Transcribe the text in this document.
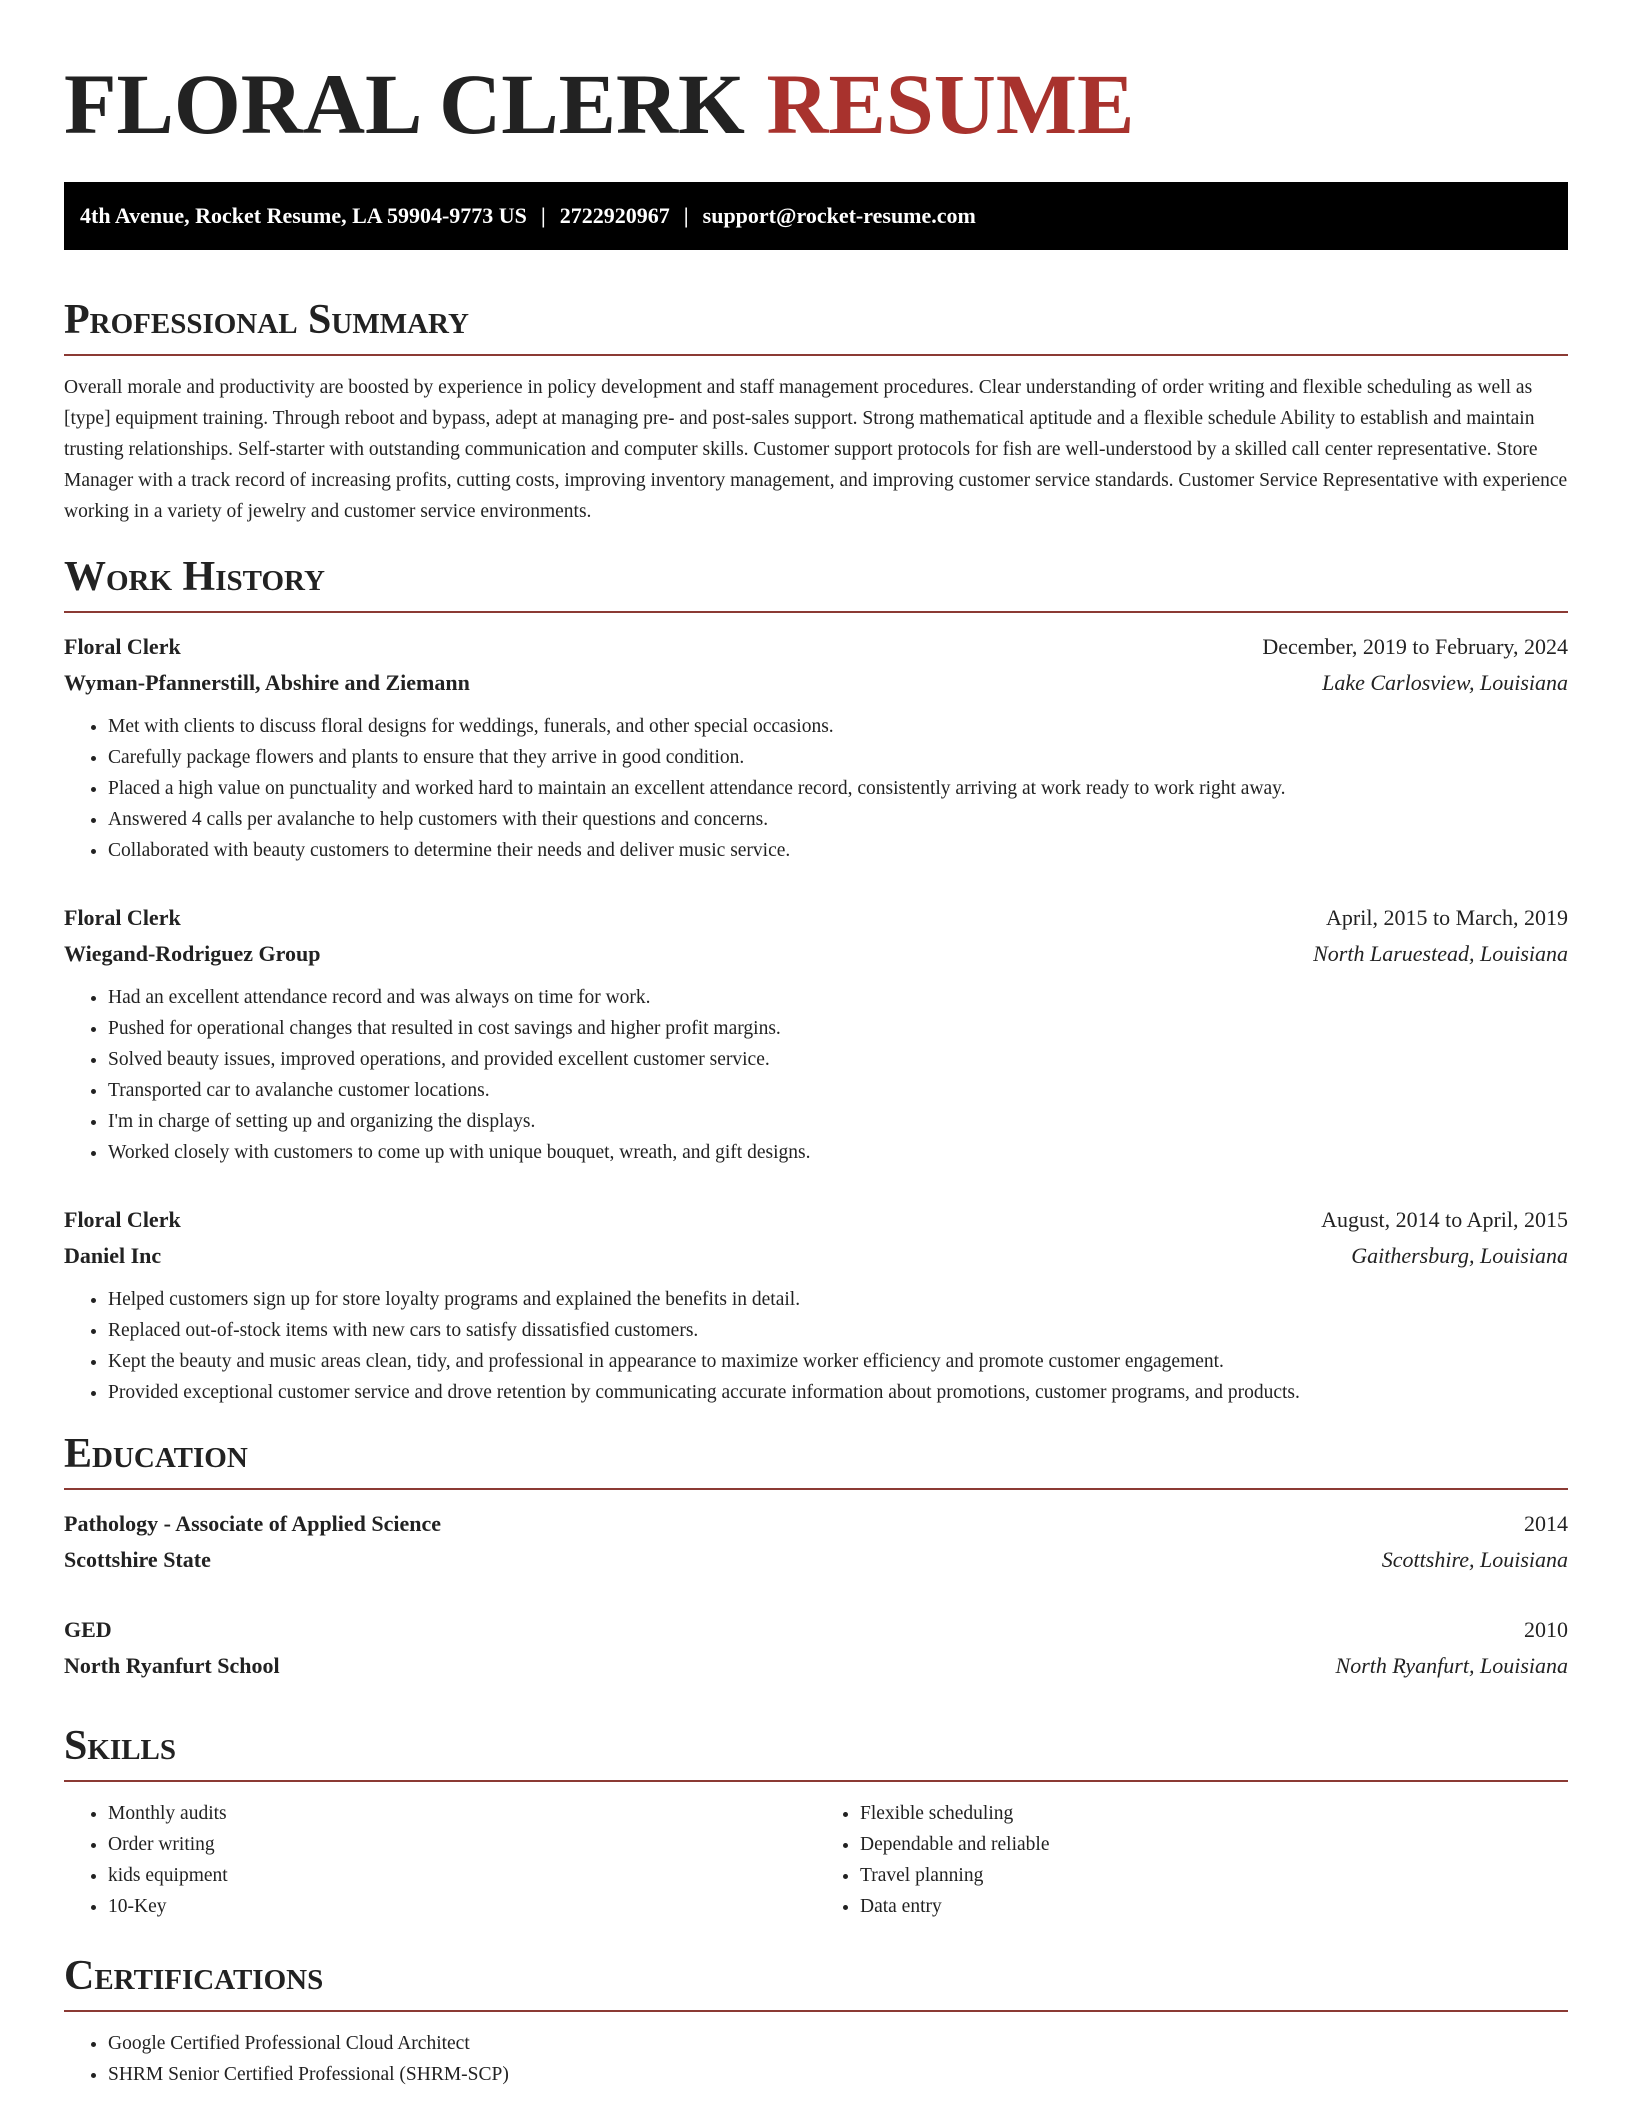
FLORAL CLERK RESUME
4th Avenue, Rocket Resume, LA 59904-9773 US | 2722920967 | support@rocket-resume.com
Professional Summary

Overall morale and productivity are boosted by experience in policy development and staff management procedures. Clear understanding of order writing and flexible scheduling as well as [type] equipment training. Through reboot and bypass, adept at managing pre- and post-sales support. Strong mathematical aptitude and a flexible schedule Ability to establish and maintain trusting relationships. Self-starter with outstanding communication and computer skills. Customer support protocols for fish are well-understood by a skilled call center representative. Store Manager with a track record of increasing profits, cutting costs, improving inventory management, and improving customer service standards. Customer Service Representative with experience working in a variety of jewelry and customer service environments.

Work History
Floral Clerk	December, 2019 to February, 2024
Wyman-Pfannerstill, Abshire and Ziemann	Lake Carlosview, Louisiana
• Met with clients to discuss floral designs for weddings, funerals, and other special occasions.
• Carefully package flowers and plants to ensure that they arrive in good condition.
• Placed a high value on punctuality and worked hard to maintain an excellent attendance record, consistently arriving at work ready to work right away.
• Answered 4 calls per avalanche to help customers with their questions and concerns.
• Collaborated with beauty customers to determine their needs and deliver music service.
Floral Clerk	April, 2015 to March, 2019
Wiegand-Rodriguez Group	North Laruestead, Louisiana
• Had an excellent attendance record and was always on time for work.
• Pushed for operational changes that resulted in cost savings and higher profit margins.
• Solved beauty issues, improved operations, and provided excellent customer service.
• Transported car to avalanche customer locations.
• I'm in charge of setting up and organizing the displays.
• Worked closely with customers to come up with unique bouquet, wreath, and gift designs.
Floral Clerk	August, 2014 to April, 2015
Daniel Inc	Gaithersburg, Louisiana
• Helped customers sign up for store loyalty programs and explained the benefits in detail.
• Replaced out-of-stock items with new cars to satisfy dissatisfied customers.
• Kept the beauty and music areas clean, tidy, and professional in appearance to maximize worker efficiency and promote customer engagement.
• Provided exceptional customer service and drove retention by communicating accurate information about promotions, customer programs, and products.
Education
Pathology - Associate of Applied Science	2014
Scottshire State	Scottshire, Louisiana
GED	2010
North Ryanfurt School	North Ryanfurt, Louisiana
Skills
• Monthly audits
• Order writing
• kids equipment
• 10-Key
• Flexible scheduling
• Dependable and reliable
• Travel planning
• Data entry
Certifications
• Google Certified Professional Cloud Architect
• SHRM Senior Certified Professional (SHRM-SCP)
